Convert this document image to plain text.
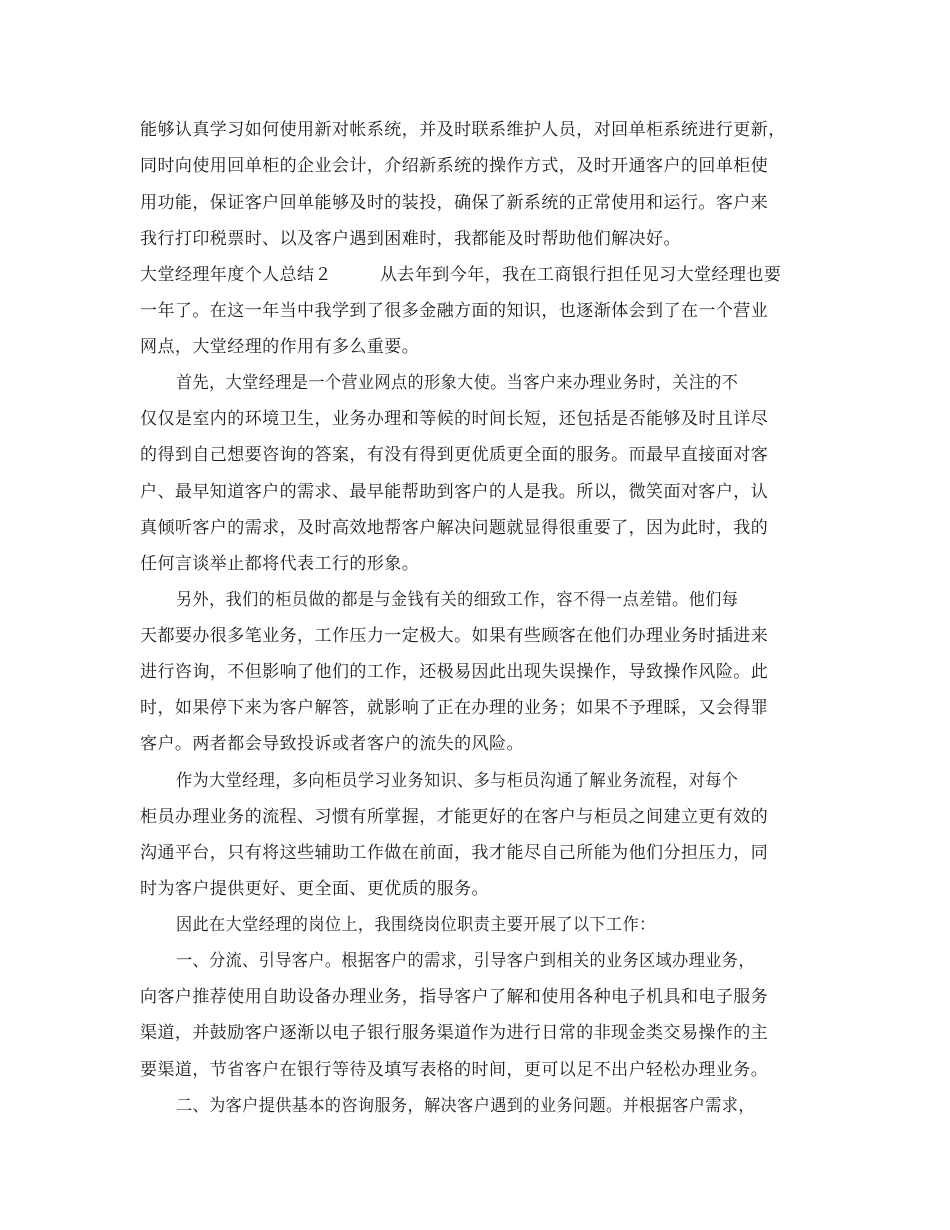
能够认真学习如何使用新对帐系统，并及时联系维护人员，对回单柜系统进行更新，
同时向使用回单柜的企业会计，介绍新系统的操作方式，及时开通客户的回单柜使
用功能，保证客户回单能够及时的装投，确保了新系统的正常使用和运行。客户来
我行打印税票时、以及客户遇到困难时，我都能及时帮助他们解决好。
大堂经理年度个人总结２	从去年到今年，我在工商银行担任见习大堂经理也要
一年了。在这一年当中我学到了很多金融方面的知识，也逐渐体会到了在一个营业
网点，大堂经理的作用有多么重要。
首先，大堂经理是一个营业网点的形象大使。当客户来办理业务时，关注的不
仅仅是室内的环境卫生，业务办理和等候的时间长短，还包括是否能够及时且详尽
的得到自己想要咨询的答案，有没有得到更优质更全面的服务。而最早直接面对客
户、最早知道客户的需求、最早能帮助到客户的人是我。所以，微笑面对客户，认
真倾听客户的需求，及时高效地帮客户解决问题就显得很重要了，因为此时，我的
任何言谈举止都将代表工行的形象。
另外，我们的柜员做的都是与金钱有关的细致工作，容不得一点差错。他们每
天都要办很多笔业务，工作压力一定极大。如果有些顾客在他们办理业务时插进来
进行咨询，不但影响了他们的工作，还极易因此出现失误操作，导致操作风险。此
时，如果停下来为客户解答，就影响了正在办理的业务；如果不予理睬，又会得罪
客户。两者都会导致投诉或者客户的流失的风险。
作为大堂经理，多向柜员学习业务知识、多与柜员沟通了解业务流程，对每个
柜员办理业务的流程、习惯有所掌握，才能更好的在客户与柜员之间建立更有效的
沟通平台，只有将这些辅助工作做在前面，我才能尽自己所能为他们分担压力，同
时为客户提供更好、更全面、更优质的服务。
因此在大堂经理的岗位上，我围绕岗位职责主要开展了以下工作：
一、分流、引导客户。根据客户的需求，引导客户到相关的业务区域办理业务，
向客户推荐使用自助设备办理业务，指导客户了解和使用各种电子机具和电子服务
渠道，并鼓励客户逐渐以电子银行服务渠道作为进行日常的非现金类交易操作的主
要渠道，节省客户在银行等待及填写表格的时间，更可以足不出户轻松办理业务。
二、为客户提供基本的咨询服务，解决客户遇到的业务问题。并根据客户需求，
